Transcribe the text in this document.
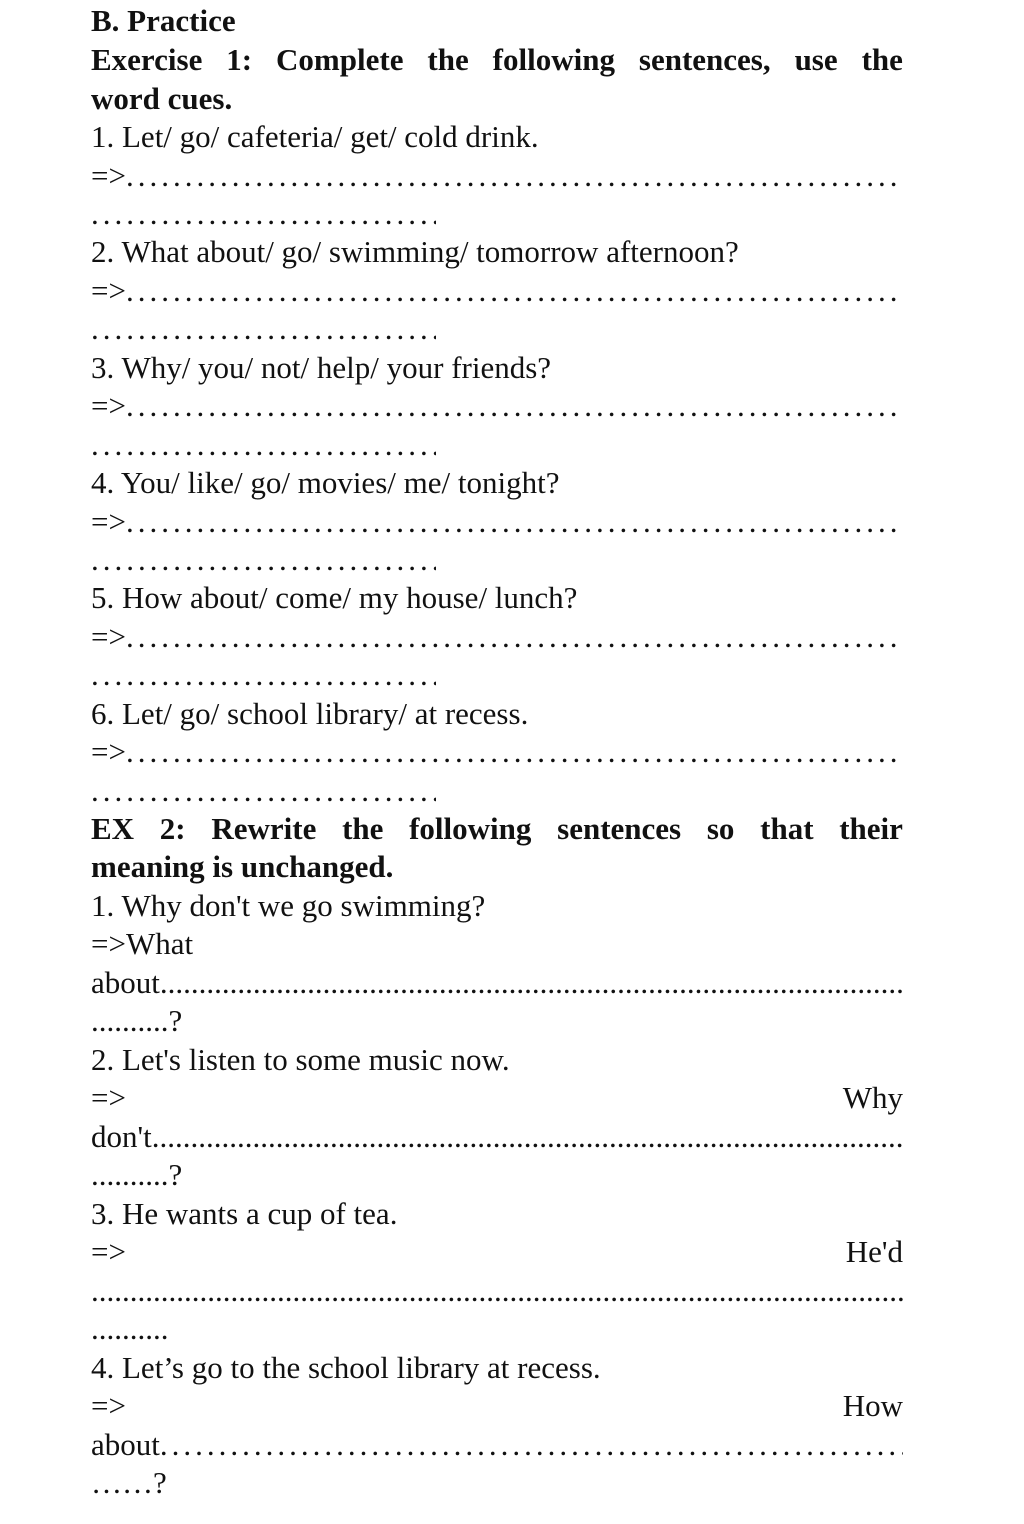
B. Practice
Exercise 1: Complete the following sentences, use the
word cues.
1. Let/ go/ cafeteria/ get/ cold drink.
=>
.....
.....
2. What about/ go/ swimming/ tomorrow afternoon?
=>
.....
.....
3. Why/ you/ not/ help/ your friends?
=>
.....
.....
4. You/ like/ go/ movies/ me/ tonight?
=>
.....
.....
5. How about/ come/ my house/ lunch?
=>
.....
.....
6. Let/ go/ school library/ at recess.
=>
.....
.....
EX 2: Rewrite the following sentences so that their
meaning is unchanged.
1. Why don't we go swimming?
=>What
about
.....
..........?
2. Let's listen to some music now.
=>	Why
don't
.....
..........?
3. He wants a cup of tea.
=>	He'd
.....
..........
4. Let’s go to the school library at recess.
=>	How
about
.....
……?
